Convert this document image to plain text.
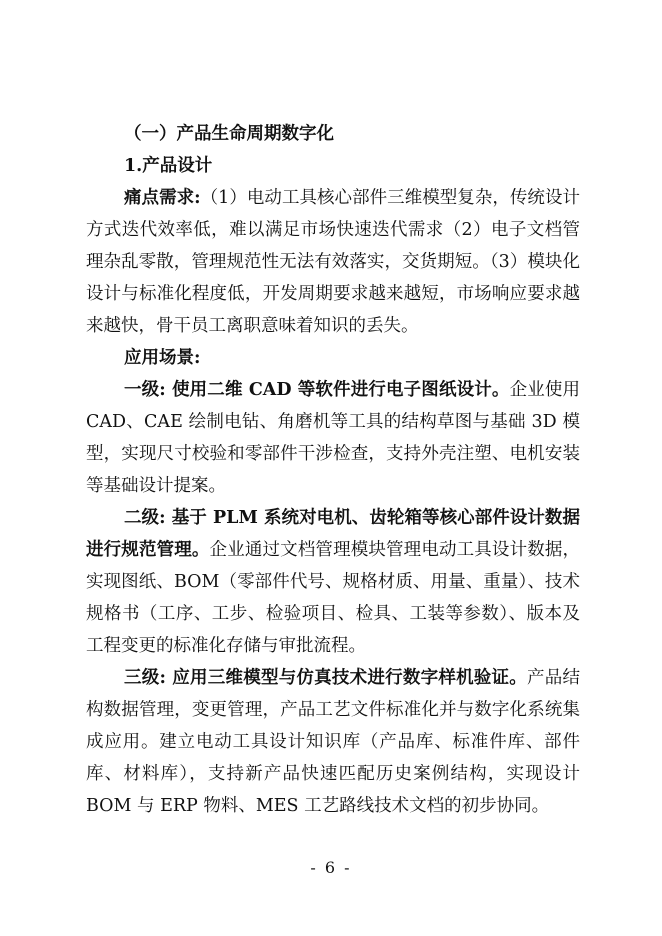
（一）产品生命周期数字化

1.产品设计

痛点需求:（1）电动工具核心部件三维模型复杂，传统设计方式迭代效率低，难以满足市场快速迭代需求（2）电子文档管理杂乱零散，管理规范性无法有效落实，交货期短。（3）模块化设计与标准化程度低，开发周期要求越来越短，市场响应要求越来越快，骨干员工离职意味着知识的丢失。

应用场景:

一级: 使用二维 CAD 等软件进行电子图纸设计。企业使用 CAD、CAE 绘制电钻、角磨机等工具的结构草图与基础 3D 模型，实现尺寸校验和零部件干涉检查，支持外壳注塑、电机安装等基础设计提案。

二级: 基于 PLM 系统对电机、齿轮箱等核心部件设计数据进行规范管理。企业通过文档管理模块管理电动工具设计数据，实现图纸、BOM（零部件代号、规格材质、用量、重量）、技术规格书（工序、工步、检验项目、检具、工装等参数）、版本及工程变更的标准化存储与审批流程。

三级: 应用三维模型与仿真技术进行数字样机验证。产品结构数据管理，变更管理，产品工艺文件标准化并与数字化系统集成应用。建立电动工具设计知识库（产品库、标准件库、部件库、材料库），支持新产品快速匹配历史案例结构，实现设计 BOM 与 ERP 物料、MES 工艺路线技术文档的初步协同。

- 6 -
